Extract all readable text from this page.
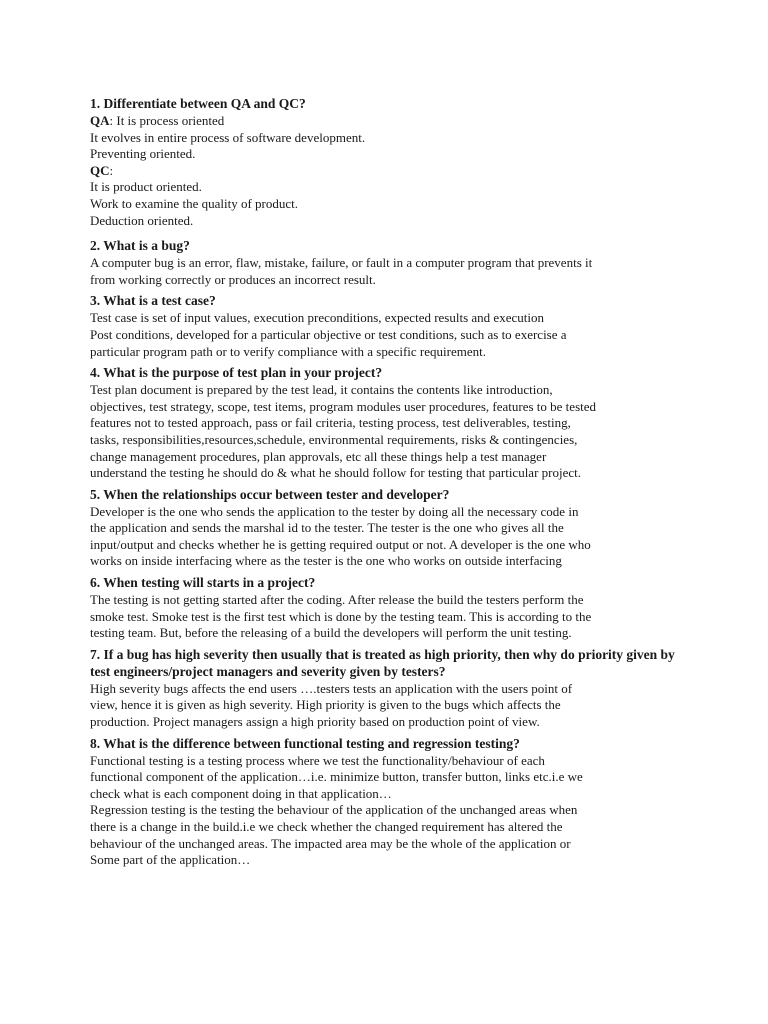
1. Differentiate between QA and QC?

QA: It is process oriented

It evolves in entire process of software development.

Preventing oriented.

QC:

It is product oriented.

Work to examine the quality of product.

Deduction oriented.

2. What is a bug?

A computer bug is an error, flaw, mistake, failure, or fault in a computer program that prevents it

from working correctly or produces an incorrect result.

3. What is a test case?

Test case is set of input values, execution preconditions, expected results and execution

Post conditions, developed for a particular objective or test conditions, such as to exercise a

particular program path or to verify compliance with a specific requirement.

4. What is the purpose of test plan in your project?

Test plan document is prepared by the test lead, it contains the contents like introduction,

objectives, test strategy, scope, test items, program modules user procedures, features to be tested

features not to tested approach, pass or fail criteria, testing process, test deliverables, testing,

tasks, responsibilities,resources,schedule, environmental requirements, risks & contingencies,

change management procedures, plan approvals, etc all these things help a test manager

understand the testing he should do & what he should follow for testing that particular project.

5. When the relationships occur between tester and developer?

Developer is the one who sends the application to the tester by doing all the necessary code in

the application and sends the marshal id to the tester. The tester is the one who gives all the

input/output and checks whether he is getting required output or not. A developer is the one who

works on inside interfacing where as the tester is the one who works on outside interfacing

6. When testing will starts in a project?

The testing is not getting started after the coding. After release the build the testers perform the

smoke test. Smoke test is the first test which is done by the testing team. This is according to the

testing team. But, before the releasing of a build the developers will perform the unit testing.

7. If a bug has high severity then usually that is treated as high priority, then why do priority given by test engineers/project managers and severity given by testers?

High severity bugs affects the end users ….testers tests an application with the users point of

view, hence it is given as high severity. High priority is given to the bugs which affects the

production. Project managers assign a high priority based on production point of view.

8. What is the difference between functional testing and regression testing?

Functional testing is a testing process where we test the functionality/behaviour of each

functional component of the application…i.e. minimize button, transfer button, links etc.i.e we

check what is each component doing in that application…

Regression testing is the testing the behaviour of the application of the unchanged areas when

there is a change in the build.i.e we check whether the changed requirement has altered the

behaviour of the unchanged areas. The impacted area may be the whole of the application or

Some part of the application…
